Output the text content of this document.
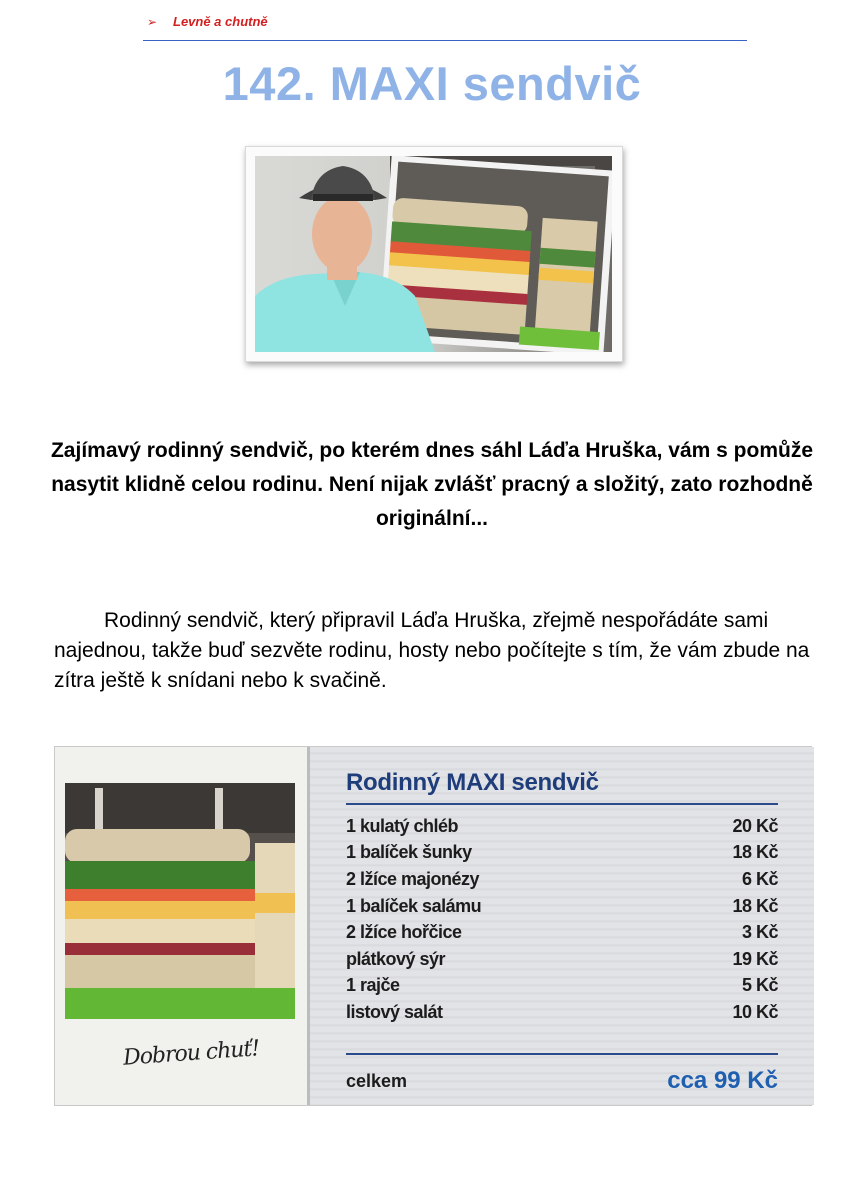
➢ Levně a chutně
142. MAXI sendvič
Zajímavý rodinný sendvič, po kterém dnes sáhl Láďa Hruška, vám s pomůže nasytit klidně celou rodinu. Není nijak zvlášť pracný a složitý, zato rozhodně originální...
Rodinný sendvič, který připravil Láďa Hruška, zřejmě nespořádáte sami najednou, takže buď sezvěte rodinu, hosty nebo počítejte s tím, že vám zbude na zítra ještě k snídani nebo k svačině.
Dobrou chuť!
Rodinný MAXI sendvič
1 kulatý chléb	20 Kč
1 balíček šunky	18 Kč
2 lžíce majonézy	6 Kč
1 balíček salámu	18 Kč
2 lžíce hořčice	3 Kč
plátkový sýr	19 Kč
1 rajče	5 Kč
listový salát	10 Kč
celkem	cca 99 Kč
